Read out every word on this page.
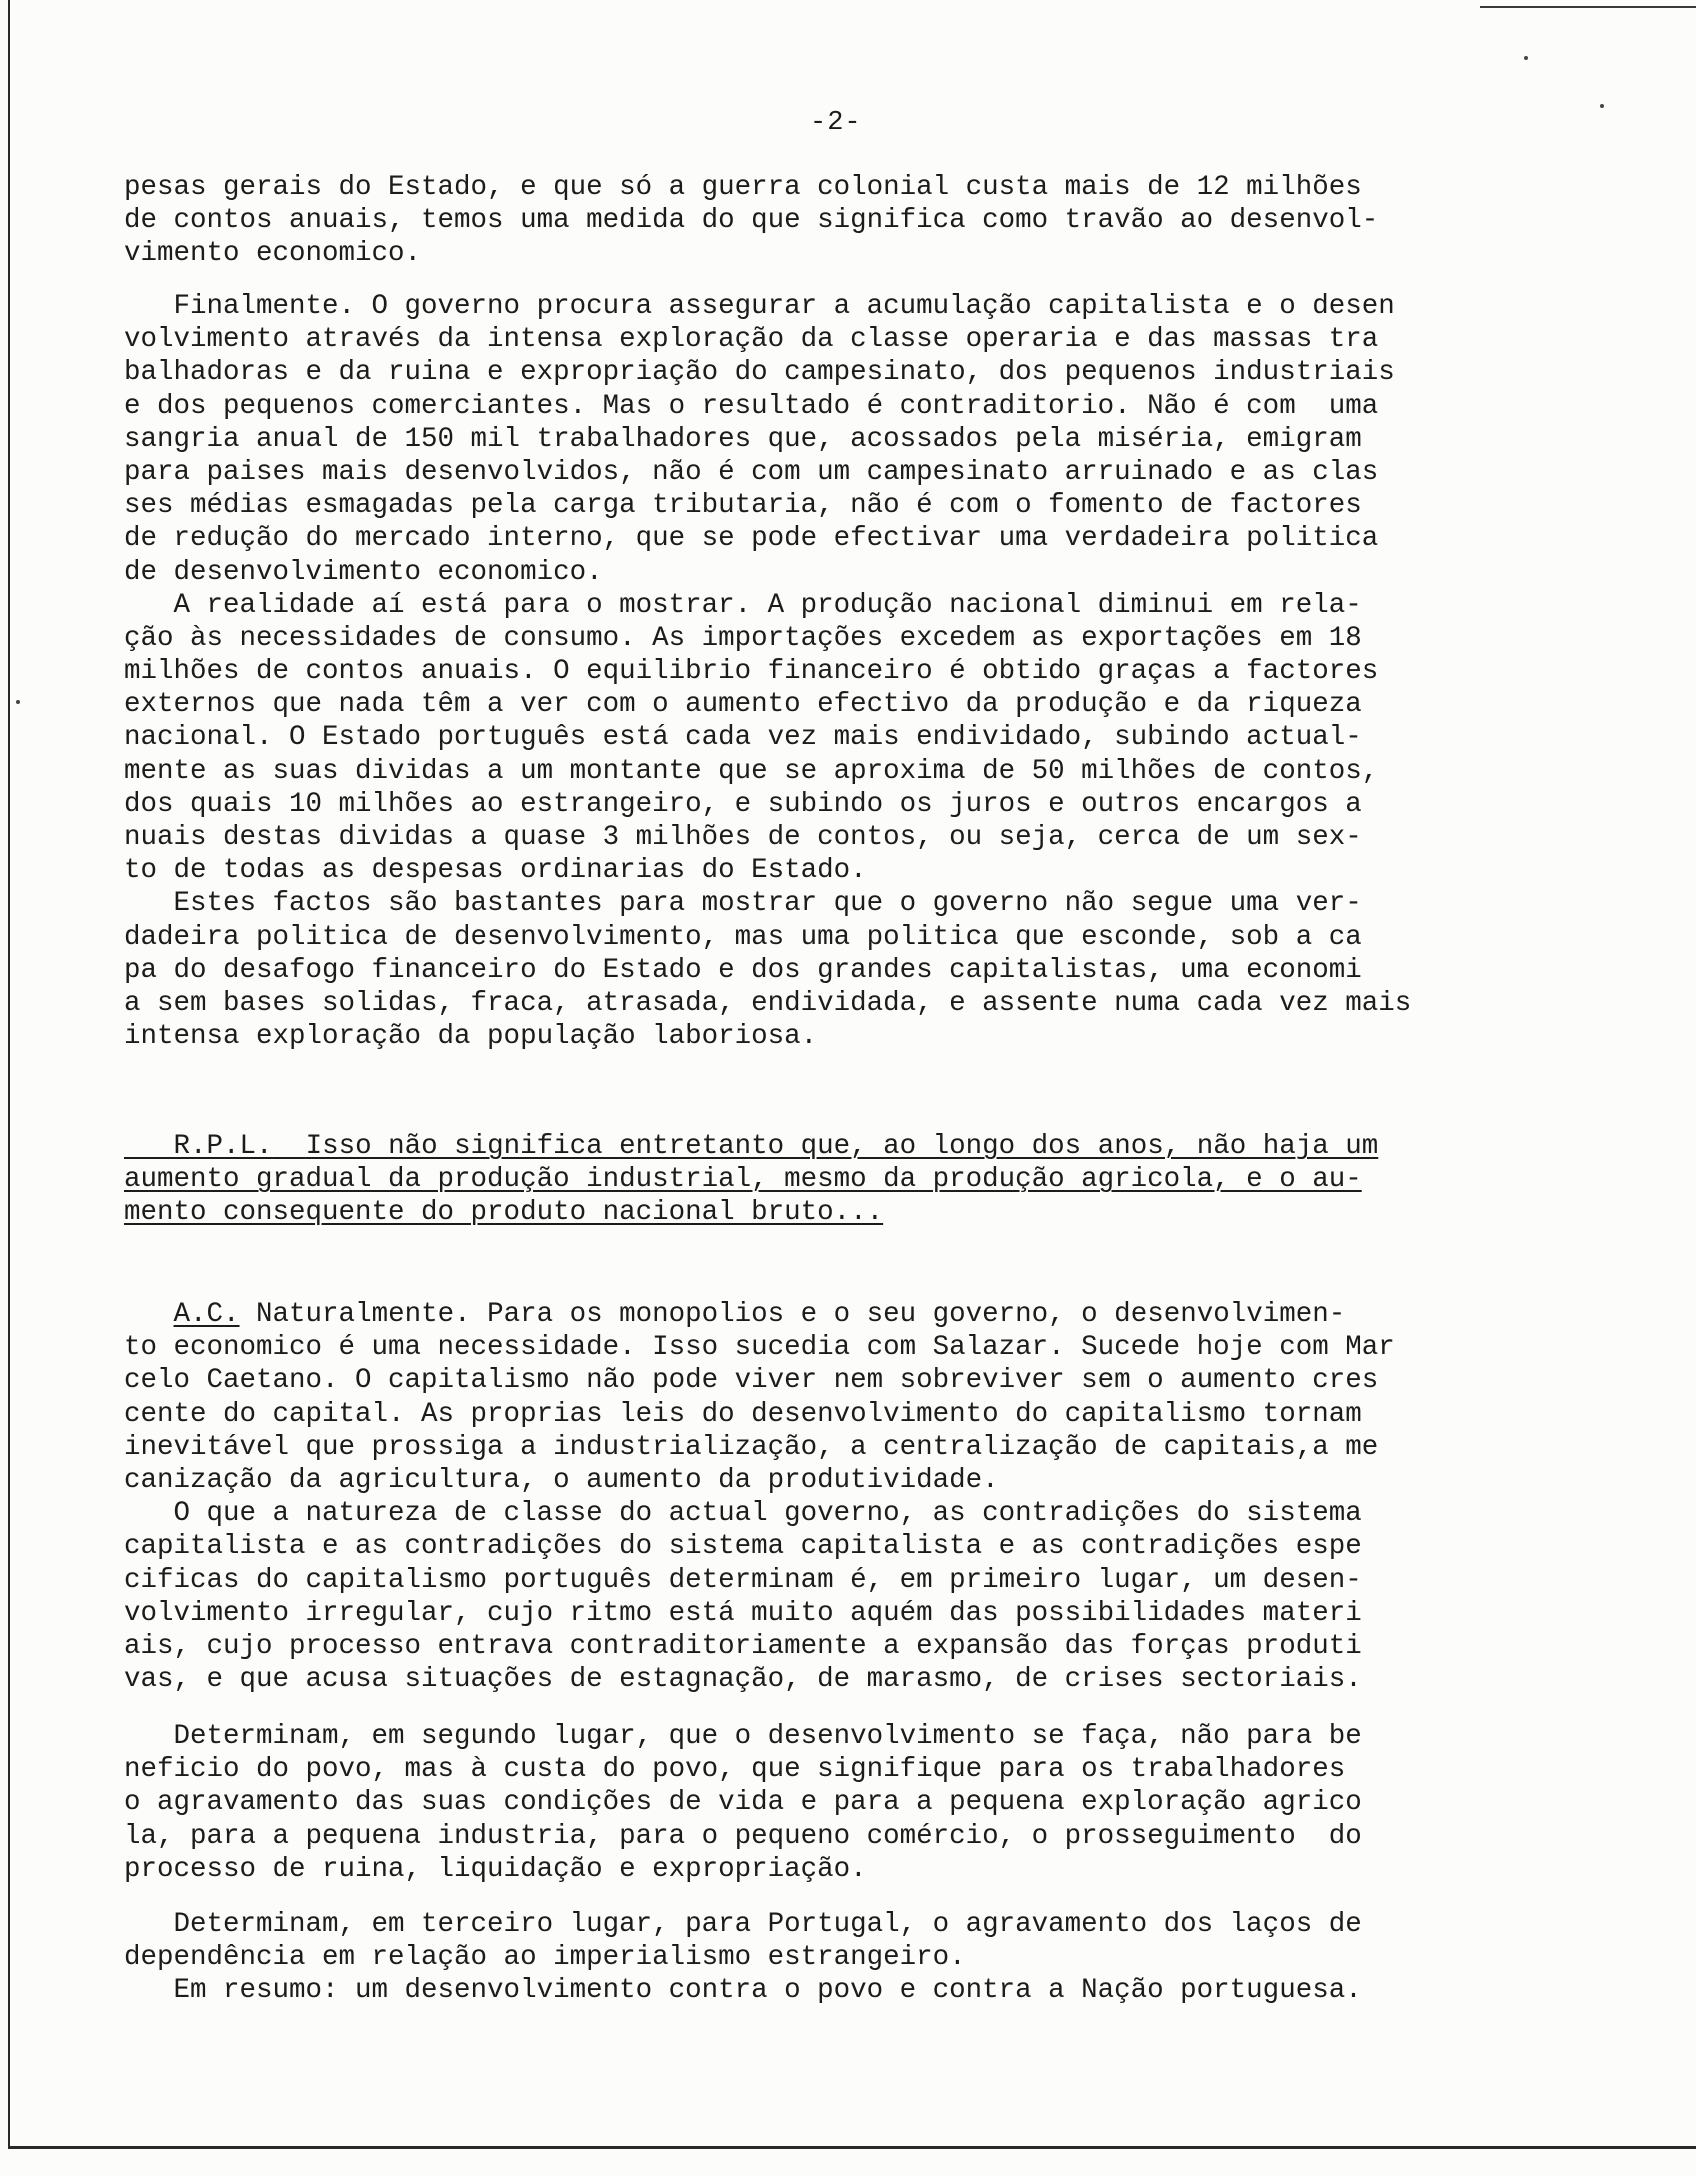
-2-
pesas gerais do Estado, e que só a guerra colonial custa mais de 12 milhões
de contos anuais, temos uma medida do que significa como travão ao desenvol-
vimento economico.
Finalmente. O governo procura assegurar a acumulação capitalista e o desen
volvimento através da intensa exploração da classe operaria e das massas tra
balhadoras e da ruina e expropriação do campesinato, dos pequenos industriais
e dos pequenos comerciantes. Mas o resultado é contraditorio. Não é com  uma
sangria anual de 150 mil trabalhadores que, acossados pela miséria, emigram
para paises mais desenvolvidos, não é com um campesinato arruinado e as clas
ses médias esmagadas pela carga tributaria, não é com o fomento de factores
de redução do mercado interno, que se pode efectivar uma verdadeira politica
de desenvolvimento economico.
A realidade aí está para o mostrar. A produção nacional diminui em rela-
ção às necessidades de consumo. As importações excedem as exportações em 18
milhões de contos anuais. O equilibrio financeiro é obtido graças a factores
externos que nada têm a ver com o aumento efectivo da produção e da riqueza
nacional. O Estado português está cada vez mais endividado, subindo actual-
mente as suas dividas a um montante que se aproxima de 50 milhões de contos,
dos quais 10 milhões ao estrangeiro, e subindo os juros e outros encargos a
nuais destas dividas a quase 3 milhões de contos, ou seja, cerca de um sex-
to de todas as despesas ordinarias do Estado.
Estes factos são bastantes para mostrar que o governo não segue uma ver-
dadeira politica de desenvolvimento, mas uma politica que esconde, sob a ca
pa do desafogo financeiro do Estado e dos grandes capitalistas, uma economi
a sem bases solidas, fraca, atrasada, endividada, e assente numa cada vez mais
intensa exploração da população laboriosa.
R.P.L. Isso não significa entretanto que, ao longo dos anos, não haja um
aumento gradual da produção industrial, mesmo da produção agricola, e o au-
mento consequente do produto nacional bruto...
A.C. Naturalmente. Para os monopolios e o seu governo, o desenvolvimen-
to economico é uma necessidade. Isso sucedia com Salazar. Sucede hoje com Mar
celo Caetano. O capitalismo não pode viver nem sobreviver sem o aumento cres
cente do capital. As proprias leis do desenvolvimento do capitalismo tornam
inevitável que prossiga a industrialização, a centralização de capitais,a me
canização da agricultura, o aumento da produtividade.
O que a natureza de classe do actual governo, as contradições do sistema
capitalista e as contradições do sistema capitalista e as contradições espe
cificas do capitalismo português determinam é, em primeiro lugar, um desen-
volvimento irregular, cujo ritmo está muito aquém das possibilidades materi
ais, cujo processo entrava contraditoriamente a expansão das forças produti
vas, e que acusa situações de estagnação, de marasmo, de crises sectoriais.
Determinam, em segundo lugar, que o desenvolvimento se faça, não para be
neficio do povo, mas à custa do povo, que signifique para os trabalhadores
o agravamento das suas condições de vida e para a pequena exploração agrico
la, para a pequena industria, para o pequeno comércio, o prosseguimento  do
processo de ruina, liquidação e expropriação.
Determinam, em terceiro lugar, para Portugal, o agravamento dos laços de
dependência em relação ao imperialismo estrangeiro.
Em resumo: um desenvolvimento contra o povo e contra a Nação portuguesa.
